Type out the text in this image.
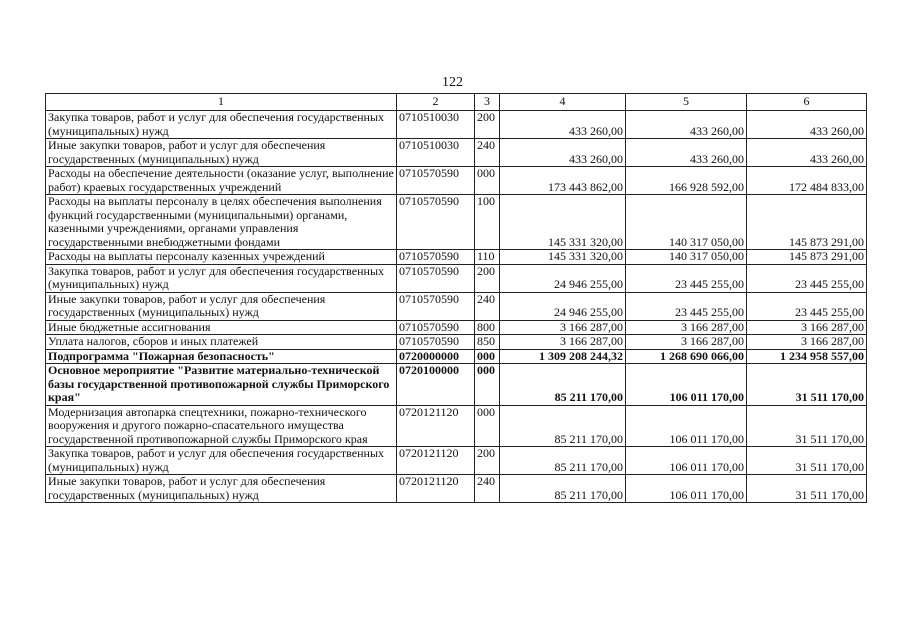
122
1	2	3	4	5	6
Закупка товаров, работ и услуг для обеспечения государственных (муниципальных) нужд	0710510030	200	433 260,00	433 260,00	433 260,00
Иные закупки товаров, работ и услуг для обеспечения государственных (муниципальных) нужд	0710510030	240	433 260,00	433 260,00	433 260,00
Расходы на обеспечение деятельности (оказание услуг, выполнение работ) краевых государственных учреждений	0710570590	000	173 443 862,00	166 928 592,00	172 484 833,00
Расходы на выплаты персоналу в целях обеспечения выполнения функций государственными (муниципальными) органами, казенными учреждениями, органами управления государственными внебюджетными фондами	0710570590	100	145 331 320,00	140 317 050,00	145 873 291,00
Расходы на выплаты персоналу казенных учреждений	0710570590	110	145 331 320,00	140 317 050,00	145 873 291,00
Закупка товаров, работ и услуг для обеспечения государственных (муниципальных) нужд	0710570590	200	24 946 255,00	23 445 255,00	23 445 255,00
Иные закупки товаров, работ и услуг для обеспечения государственных (муниципальных) нужд	0710570590	240	24 946 255,00	23 445 255,00	23 445 255,00
Иные бюджетные ассигнования	0710570590	800	3 166 287,00	3 166 287,00	3 166 287,00
Уплата налогов, сборов и иных платежей	0710570590	850	3 166 287,00	3 166 287,00	3 166 287,00
Подпрограмма "Пожарная безопасность"	0720000000	000	1 309 208 244,32	1 268 690 066,00	1 234 958 557,00
Основное мероприятие "Развитие материально-технической базы государственной противопожарной службы Приморского края"	0720100000	000	85 211 170,00	106 011 170,00	31 511 170,00
Модернизация автопарка спецтехники, пожарно-технического вооружения и другого пожарно-спасательного имущества государственной противопожарной службы Приморского края	0720121120	000	85 211 170,00	106 011 170,00	31 511 170,00
Закупка товаров, работ и услуг для обеспечения государственных (муниципальных) нужд	0720121120	200	85 211 170,00	106 011 170,00	31 511 170,00
Иные закупки товаров, работ и услуг для обеспечения государственных (муниципальных) нужд	0720121120	240	85 211 170,00	106 011 170,00	31 511 170,00
